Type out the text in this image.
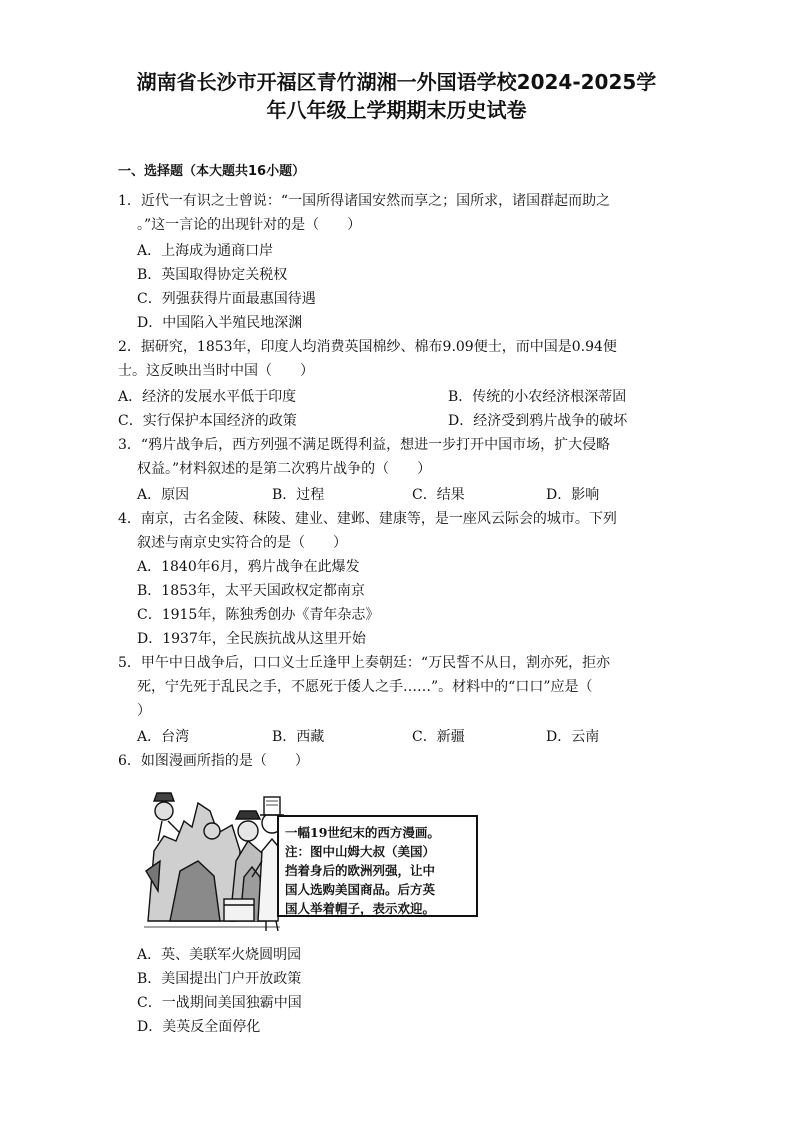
湖南省长沙市开福区青竹湖湘一外国语学校2024-2025学
年八年级上学期期末历史试卷
一、选择题（本大题共16小题）
1．近代一有识之士曾说：“一国所得诸国安然而享之；国所求，诸国群起而助之
。”这一言论的出现针对的是（　　）
A．上海成为通商口岸
B．英国取得协定关税权
C．列强获得片面最惠国待遇
D．中国陷入半殖民地深渊
2．据研究，1853年，印度人均消费英国棉纱、棉布9.09便士，而中国是0.94便
士。这反映出当时中国（　　）
A．经济的发展水平低于印度	B．传统的小农经济根深蒂固
C．实行保护本国经济的政策	D．经济受到鸦片战争的破坏
3．“鸦片战争后，西方列强不满足既得利益，想进一步打开中国市场，扩大侵略
权益。”材料叙述的是第二次鸦片战争的（　　）
A．原因	B．过程	C．结果	D．影响
4．南京，古名金陵、秣陵、建业、建邺、建康等，是一座风云际会的城市。下列
叙述与南京史实符合的是（　　）
A．1840年6月，鸦片战争在此爆发
B．1853年，太平天国政权定都南京
C．1915年，陈独秀创办《青年杂志》
D．1937年，全民族抗战从这里开始
5．甲午中日战争后，口口义士丘逢甲上奏朝廷：“万民誓不从日，割亦死，拒亦
死，宁先死于乱民之手，不愿死于倭人之手……”。材料中的“口口”应是（
）
A．台湾	B．西藏	C．新疆	D．云南
6．如图漫画所指的是（　　）
一幅19世纪末的西方漫画。
注：图中山姆大叔（美国）
挡着身后的欧洲列强，让中
国人选购美国商品。后方英
国人举着帽子，表示欢迎。
A．英、美联军火烧圆明园
B．美国提出门户开放政策
C．一战期间美国独霸中国
D．美英反全面停化
